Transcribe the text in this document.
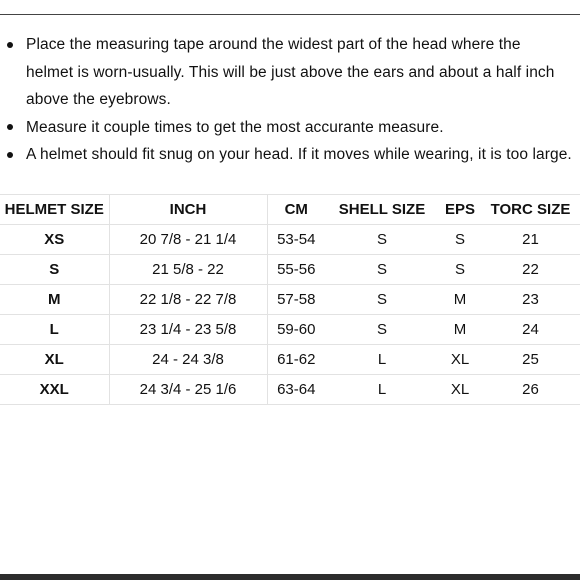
Place the measuring tape around the widest part of the head where the helmet is worn-usually. This will be just above the ears and about a half inch above the eyebrows.
Measure it couple times to get the most accurante measure.
A helmet should fit snug on your head. If it moves while wearing, it is too large.
HELMET SIZE	INCH	CM	SHELL SIZE	EPS	TORC SIZE
XS	20 7/8 - 21 1/4	53-54	S	S	21
S	21 5/8 - 22	55-56	S	S	22
M	22 1/8 - 22 7/8	57-58	S	M	23
L	23 1/4 - 23 5/8	59-60	S	M	24
XL	24 - 24 3/8	61-62	L	XL	25
XXL	24 3/4 - 25 1/6	63-64	L	XL	26
